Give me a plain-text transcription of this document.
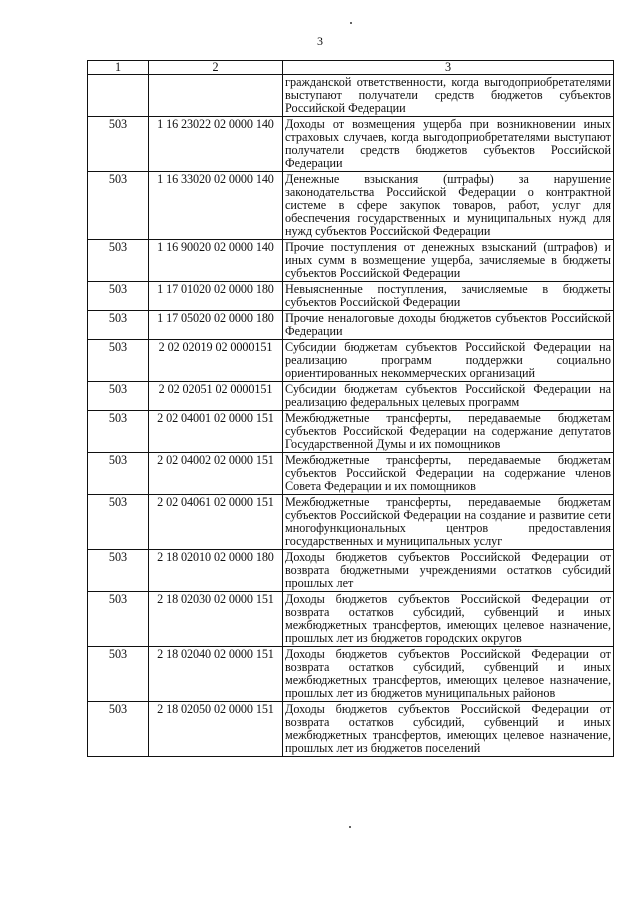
3
1	2	3
		гражданской ответственности, когда выгодоприобретателями выступают получатели средств бюджетов субъектов Российской Федерации
503	1 16 23022 02 0000 140	Доходы от возмещения ущерба при возникновении иных страховых случаев, когда выгодоприобретателями выступают получатели средств бюджетов субъектов Российской Федерации
503	1 16 33020 02 0000 140	Денежные взыскания (штрафы) за нарушение законодательства Российской Федерации о контрактной системе в сфере закупок товаров, работ, услуг для обеспечения государственных и муниципальных нужд для нужд субъектов Российской Федерации
503	1 16 90020 02 0000 140	Прочие поступления от денежных взысканий (штрафов) и иных сумм в возмещение ущерба, зачисляемые в бюджеты субъектов Российской Федерации
503	1 17 01020 02 0000 180	Невыясненные поступления, зачисляемые в бюджеты субъектов Российской Федерации
503	1 17 05020 02 0000 180	Прочие неналоговые доходы бюджетов субъектов Российской Федерации
503	2 02 02019 02 0000151	Субсидии бюджетам субъектов Российской Федерации на реализацию программ поддержки социально ориентированных некоммерческих организаций
503	2 02 02051 02 0000151	Субсидии бюджетам субъектов Российской Федерации на реализацию федеральных целевых программ
503	2 02 04001 02 0000 151	Межбюджетные трансферты, передаваемые бюджетам субъектов Российской Федерации на содержание депутатов Государственной Думы и их помощников
503	2 02 04002 02 0000 151	Межбюджетные трансферты, передаваемые бюджетам субъектов Российской Федерации на содержание членов Совета Федерации и их помощников
503	2 02 04061 02 0000 151	Межбюджетные трансферты, передаваемые бюджетам субъектов Российской Федерации на создание и развитие сети многофункциональных центров предоставления государственных и муниципальных услуг
503	2 18 02010 02 0000 180	Доходы бюджетов субъектов Российской Федерации от возврата бюджетными учреждениями остатков субсидий прошлых лет
503	2 18 02030 02 0000 151	Доходы бюджетов субъектов Российской Федерации от возврата остатков субсидий, субвенций и иных межбюджетных трансфертов, имеющих целевое назначение, прошлых лет из бюджетов городских округов
503	2 18 02040 02 0000 151	Доходы бюджетов субъектов Российской Федерации от возврата остатков субсидий, субвенций и иных межбюджетных трансфертов, имеющих целевое назначение, прошлых лет из бюджетов муниципальных районов
503	2 18 02050 02 0000 151	Доходы бюджетов субъектов Российской Федерации от возврата остатков субсидий, субвенций и иных межбюджетных трансфертов, имеющих целевое назначение, прошлых лет из бюджетов поселений
